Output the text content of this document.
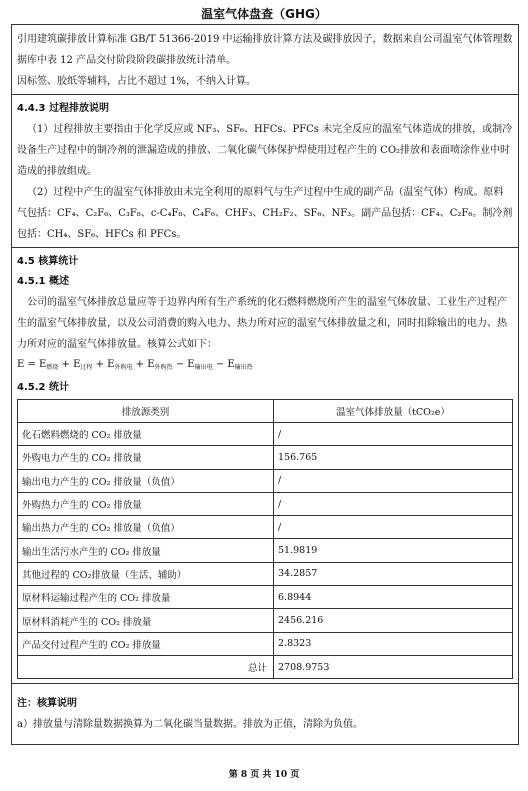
温室气体盘查（GHG）

引用建筑碳排放计算标准 GB/T 51366-2019 中运输排放计算方法及碳排放因子，数据来自公司温室气体管理数据库中表 12 产品交付阶段阶段碳排放统计清单。

因标签、胶纸等辅料，占比不超过 1%，不纳入计算。

4.4.3 过程排放说明

（1）过程排放主要指由于化学反应或 NF₃、SF₆、HFCs、PFCs 未完全反应的温室气体造成的排放，或制冷设备生产过程中的制冷剂的泄漏造成的排放、二氧化碳气体保护焊使用过程产生的 CO₂排放和表面喷涂作业中时造成的排放组成。

（2）过程中产生的温室气体排放由未完全利用的原料气与生产过程中生成的副产品（温室气体）构成。原料气包括：CF₄、C₂F₆、C₃F₈、c-C₄F₈、C₄F₆、CHF₃、CH₂F₂、SF₆、NF₃。副产品包括：CF₄、C₂F₆。制冷剂包括：CH₄、SF₆、HFCs 和 PFCs。

4.5 核算统计
4.5.1 概述

公司的温室气体排放总量应等于边界内所有生产系统的化石燃料燃烧所产生的温室气体放量、工业生产过程产生的温室气体排放量，以及公司消费的购入电力、热力所对应的温室气体排放量之和，同时扣除输出的电力、热力所对应的温室气体排放量。核算公式如下：

$E = E_{燃烧} + E_{过程} + E_{外购电} + E_{外购热} - E_{输出电} - E_{输出热}$
4.5.2 统计
排放源类别	温室气体排放量（tCO₂e）
化石燃料燃烧的 CO₂ 排放量	/
外购电力产生的 CO₂ 排放量	156.765
输出电力产生的 CO₂ 排放量（负值）	/
外购热力产生的 CO₂ 排放量	/
输出热力产生的 CO₂ 排放量（负值）	/
输出生活污水产生的 CO₂ 排放量	51.9819
其他过程的 CO₂排放量（生活、辅助）	34.2857
原材料运输过程产生的 CO₂ 排放量	6.8944
原材料消耗产生的 CO₂ 排放量	2456.216
产品交付过程产生的 CO₂ 排放量	2.8323
总计	2708.9753
注：核算说明

a）排放量与清除量数据换算为二氧化碳当量数据。排放为正值，清除为负值。

第 8 页 共 10 页
